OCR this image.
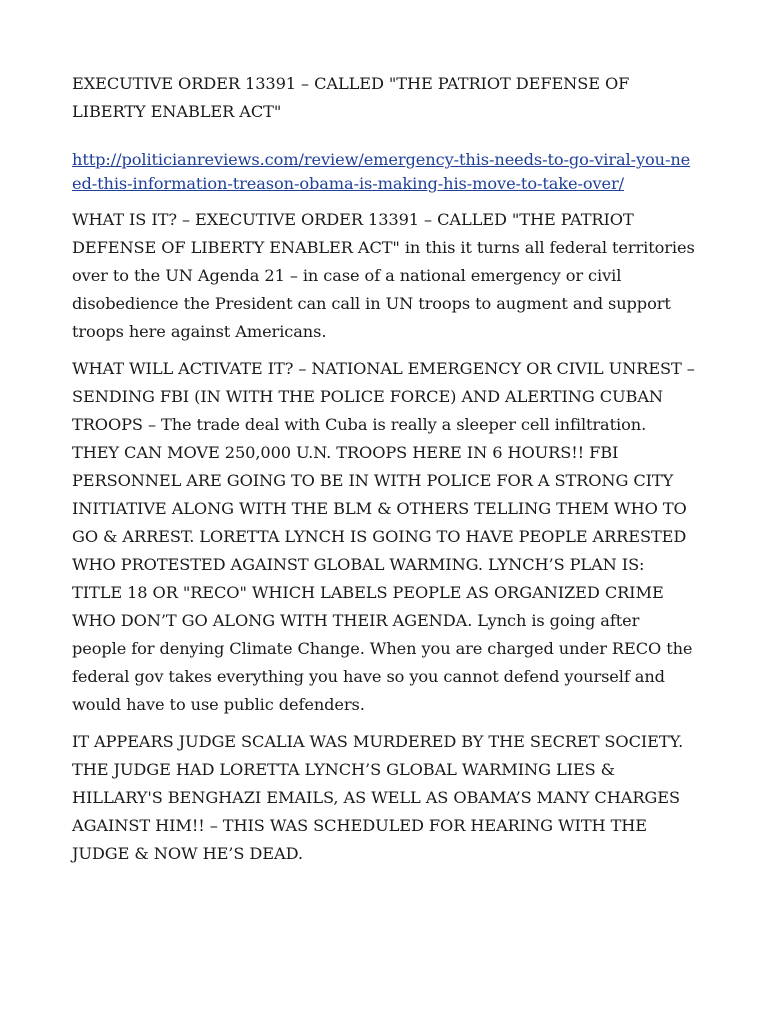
EXECUTIVE ORDER 13391 – CALLED "THE PATRIOT DEFENSE OF LIBERTY ENABLER ACT"

http://politicianreviews.com/review/emergency-this-needs-to-go-viral-you-need-this-information-treason-obama-is-making-his-move-to-take-over/

WHAT IS IT? – EXECUTIVE ORDER 13391 – CALLED "THE PATRIOT DEFENSE OF LIBERTY ENABLER ACT" in this it turns all federal territories over to the UN Agenda 21 – in case of a national emergency or civil disobedience the President can call in UN troops to augment and support troops here against Americans.

WHAT WILL ACTIVATE IT? – NATIONAL EMERGENCY OR CIVIL UNREST – SENDING FBI (IN WITH THE POLICE FORCE) AND ALERTING CUBAN TROOPS – The trade deal with Cuba is really a sleeper cell infiltration. THEY CAN MOVE 250,000 U.N. TROOPS HERE IN 6 HOURS!! FBI PERSONNEL ARE GOING TO BE IN WITH POLICE FOR A STRONG CITY INITIATIVE ALONG WITH THE BLM & OTHERS TELLING THEM WHO TO GO & ARREST. LORETTA LYNCH IS GOING TO HAVE PEOPLE ARRESTED WHO PROTESTED AGAINST GLOBAL WARMING. LYNCH’S PLAN IS: TITLE 18 OR "RECO" WHICH LABELS PEOPLE AS ORGANIZED CRIME WHO DON’T GO ALONG WITH THEIR AGENDA. Lynch is going after people for denying Climate Change. When you are charged under RECO the federal gov takes everything you have so you cannot defend yourself and would have to use public defenders.

IT APPEARS JUDGE SCALIA WAS MURDERED BY THE SECRET SOCIETY. THE JUDGE HAD LORETTA LYNCH’S GLOBAL WARMING LIES & HILLARY'S BENGHAZI EMAILS, AS WELL AS OBAMA’S MANY CHARGES AGAINST HIM!! – THIS WAS SCHEDULED FOR HEARING WITH THE JUDGE & NOW HE’S DEAD.
